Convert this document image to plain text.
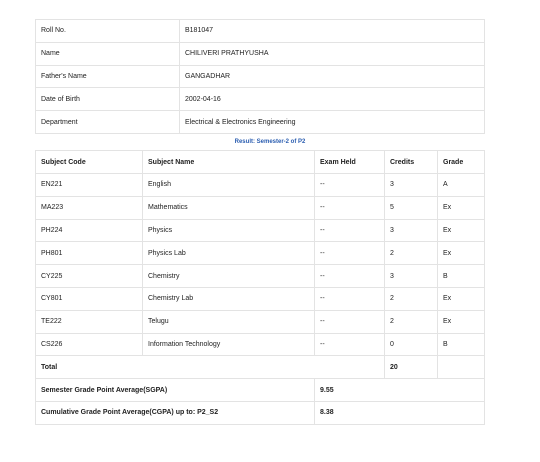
Roll No.	B181047
Name	CHILIVERI PRATHYUSHA
Father's Name	GANGADHAR
Date of Birth	2002-04-16
Department	Electrical & Electronics Engineering
Result: Semester-2 of P2
Subject Code	Subject Name	Exam Held	Credits	Grade
EN221	English	--	3	A
MA223	Mathematics	--	5	Ex
PH224	Physics	--	3	Ex
PH801	Physics Lab	--	2	Ex
CY225	Chemistry	--	3	B
CY801	Chemistry Lab	--	2	Ex
TE222	Telugu	--	2	Ex
CS226	Information Technology	--	0	B
Total			20	
Semester Grade Point Average(SGPA)		9.55		
Cumulative Grade Point Average(CGPA) up to: P2_S2		8.38		
